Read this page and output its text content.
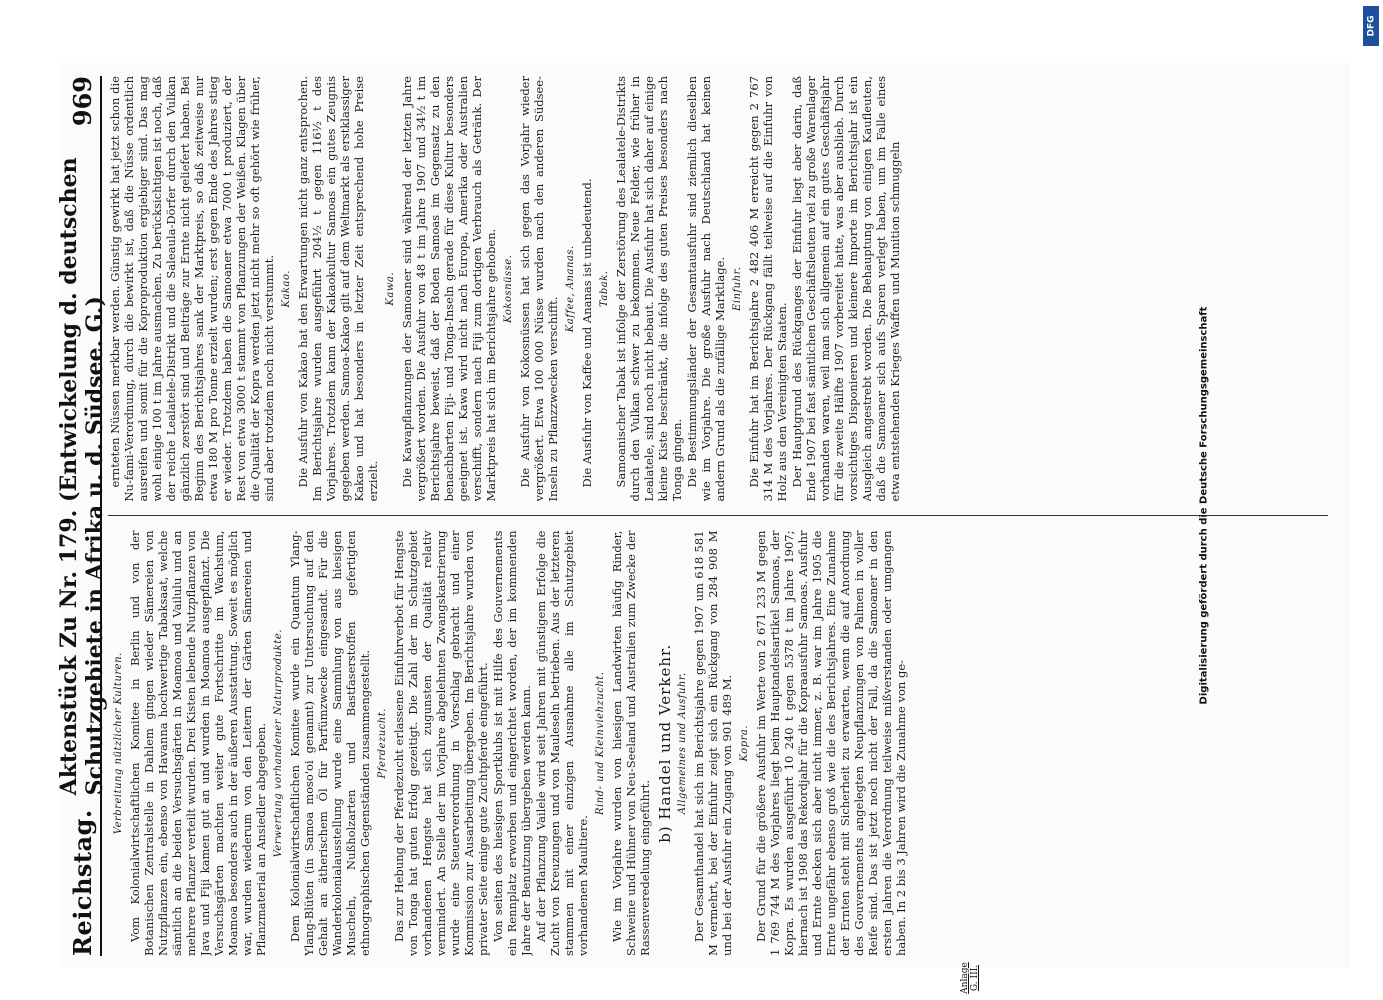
Reichstag.
Aktenstück Zu Nr. 179. (Entwickelung d. deutschen Schutzgebiete in Afrika u. d. Südsee. G.)
969
Anlage G. III.
Verbreitung nützlicher Kulturen. Vom Kolonialwirtschaftlichen Komitee in Berlin und von der Botanischen Zentralstelle in Dahlem gingen wieder Sämereien von Nutzpflanzen ein, ebenso von Havanna hochwertige Tabaksaat, welche sämtlich an die beiden Versuchsgärten in Moamoa und Vailulu und an mehrere Pflanzer verteilt wurden. Drei Kisten lebende Nutzpflanzen von Java und Fiji kamen gut an und wurden in Moamoa ausgepflanzt. Die Versuchsgärten machten weiter gute Fortschritte im Wachstum, Moamoa besonders auch in der äußeren Ausstattung. Soweit es möglich war, wurden wiederum von den Leitern der Gärten Sämereien und Pflanzmaterial an Ansiedler abgegeben. Verwertung vorhandener Naturprodukte. Dem Kolonialwirtschaftlichen Komitee wurde ein Quantum Ylang-Ylang-Blüten (in Samoa moso'oi genannt) zur Untersuchung auf den Gehalt an ätherischem Öl für Parfümzwecke eingesandt. Für die Wanderkolonialausstellung wurde eine Sammlung von aus hiesigen Muscheln, Nußholzarten und Bastfaserstoffen gefertigten ethnographischen Gegenständen zusammengestellt. Pferdezucht. Das zur Hebung der Pferdezucht erlassene Einfuhrverbot für Hengste von Tonga hat guten Erfolg gezeitigt. Die Zahl der im Schutzgebiet vorhandenen Hengste hat sich zugunsten der Qualität relativ vermindert. An Stelle der im Vorjahre abgelehnten Zwangskastrierung wurde eine Steuerverordnung in Vorschlag gebracht und einer Kommission zur Ausarbeitung übergeben. Im Berichtsjahre wurden von privater Seite einige gute Zuchtpferde eingeführt. Von seiten des hiesigen Sportklubs ist mit Hilfe des Gouvernements ein Rennplatz erworben und eingerichtet worden, der im kommenden Jahre der Benutzung übergeben werden kann. Auf der Pflanzung Vailele wird seit Jahren mit günstigem Erfolge die Zucht von Kreuzungen und von Mauleseln betrieben. Aus der letzteren stammen mit einer einzigen Ausnahme alle im Schutzgebiet vorhandenen Maultiere.

Rind- und Kleinviehzucht. Wie im Vorjahre wurden von hiesigen Landwirten häufig Rinder, Schweine und Hühner von Neu-Seeland und Australien zum Zwecke der Rassenveredelung eingeführt.

b) Handel und Verkehr. Allgemeines und Ausfuhr. Der Gesamthandel hat sich im Berichtsjahre gegen 1907 um 618 581 M vermehrt, bei der Einfuhr zeigt sich ein Rückgang von 284 908 M und bei der Ausfuhr ein Zugang von 901 489 M. Kopra. Der Grund für die größere Ausfuhr im Werte von 2 671 233 M gegen 1 769 744 M des Vorjahres liegt beim Hauptandelsartikel Samoas, der Kopra. Es wurden ausgeführt 10 240 t gegen 5378 t im Jahre 1907; hiernach ist 1908 das Rekordjahr für die Kopraausfuhr Samoas. Ausfuhr und Ernte decken sich aber nicht immer, z. B. war im Jahre 1905 die Ernte ungefähr ebenso groß wie die des Berichtsjahres. Eine Zunahme der Ernten steht mit Sicherheit zu erwarten, wenn die auf Anordnung des Gouvernements angelegten Neupflanzungen von Palmen in voller Reife sind. Das ist jetzt noch nicht der Fall, da die Samoaner in den ersten Jahren die Verordnung teilweise mißverstanden oder umgangen haben. In 2 bis 3 Jahren wird die Zunahme von ge-

ernteten Nüssen merkbar werden. Günstig gewirkt hat jetzt schon die Nu-fami-Verordnung, durch die bewirkt ist, daß die Nüsse ordentlich ausreifen und somit für die Koproproduktion ergiebiger sind. Das mag wohl einige 100 t im Jahre ausmachen. Zu berücksichtigen ist noch, daß der reiche Lealatele-Distrikt und die Saleaula-Dörfer durch den Vulkan gänzlich zerstört sind und Beiträge zur Ernte nicht geliefert haben. Bei Beginn des Berichtsjahres sank der Marktpreis, so daß zeitweise nur etwa 180 M pro Tonne erzielt wurden; erst gegen Ende des Jahres stieg er wieder. Trotzdem haben die Samoaner etwa 7000 t produziert, der Rest von etwa 3000 t stammt von Pflanzungen der Weißen. Klagen über die Qualität der Kopra werden jetzt nicht mehr so oft gehört wie früher, sind aber trotzdem noch nicht verstummt. Kakao. Die Ausfuhr von Kakao hat den Erwartungen nicht ganz entsprochen. Im Berichtsjahre wurden ausgeführt 204½ t gegen 116½ t des Vorjahres. Trotzdem kann der Kakaokultur Samoas ein gutes Zeugnis gegeben werden. Samoa-Kakao gilt auf dem Weltmarkt als erstklassiger Kakao und hat besonders in letzter Zeit entsprechend hohe Preise erzielt.

Kawa. Die Kawapflanzungen der Samoaner sind während der letzten Jahre vergrößert worden. Die Ausfuhr von 48 t im Jahre 1907 und 34½ t im Berichtsjahre beweist, daß der Boden Samoas im Gegensatz zu den benachbarten Fiji- und Tonga-Inseln gerade für diese Kultur besonders geeignet ist. Kawa wird nicht nach Europa, Amerika oder Australien verschifft, sondern nach Fiji zum dortigen Verbrauch als Getränk. Der Marktpreis hat sich im Berichtsjahre gehoben. Kokosnüsse. Die Ausfuhr von Kokosnüssen hat sich gegen das Vorjahr wieder vergrößert. Etwa 100 000 Nüsse wurden nach den anderen Südsee-Inseln zu Pflanzzwecken verschifft.

Kaffee, Ananas. Die Ausfuhr von Kaffee und Ananas ist unbedeutend. Tabak. Samoanischer Tabak ist infolge der Zerstörung des Lealatele-Distrikts durch den Vulkan schwer zu bekommen. Neue Felder, wie früher in Lealatele, sind noch nicht bebaut. Die Ausfuhr hat sich daher auf einige kleine Kiste beschränkt, die infolge des guten Preises besonders nach Tonga gingen. Die Bestimmungsländer der Gesamtausfuhr sind ziemlich dieselben wie im Vorjahre. Die große Ausfuhr nach Deutschland hat keinen andern Grund als die zufällige Marktlage. Einfuhr. Die Einfuhr hat im Berichtsjahre 2 482 406 M erreicht gegen 2 767 314 M des Vorjahres. Der Rückgang fällt teilweise auf die Einfuhr von Holz aus den Vereinigten Staaten. Der Hauptgrund des Rückganges der Einfuhr liegt aber darin, daß Ende 1907 bei fast sämtlichen Geschäftsleuten viel zu große Warenlager vorhanden waren, weil man sich allgemein auf ein gutes Geschäftsjahr für die zweite Hälfte 1907 vorbereitet hatte, was aber ausblieb. Durch vorsichtiges Disponieren und kleinere Importe im Berichtsjahr ist ein Ausgleich angestrebt worden. Die Behauptung von einigen Kaufleuten, daß die Samoaner sich aufs Sparen verlegt haben, um im Falle eines etwa entstehenden Krieges Waffen und Munition schmuggeln

DFG
Digitalisierung gefördert durch die Deutsche Forschungsgemeinschaft
